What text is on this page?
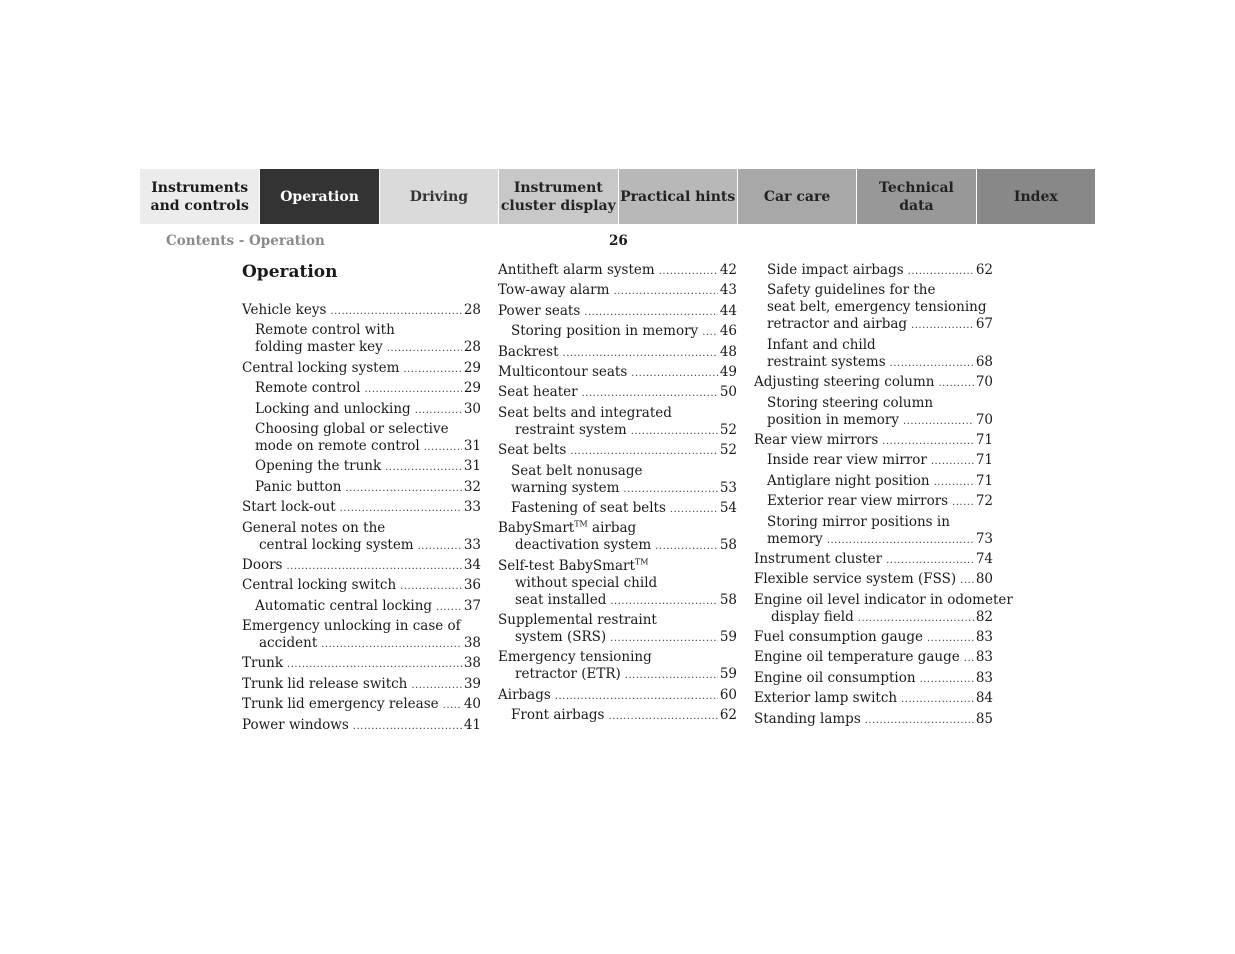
Instruments
and controls
Operation	Driving
Instrument
cluster display
Practical hints	Car care
Technical
data
Index
Contents - Operation	26
Operation
Vehicle keys .....	28
Remote control with
folding master key .....	28
Central locking system .....	29
Remote control .....	29
Locking and unlocking .....	30
Choosing global or selective
mode on remote control .....	31
Opening the trunk .....	31
Panic button .....	32
Start lock-out .....	33
General notes on the
central locking system .....	33
Doors .....	34
Central locking switch .....	36
Automatic central locking ..... 37
Emergency unlocking in case of
accident .....	38
Trunk .....	38
Trunk lid release switch .....	39
Trunk lid emergency release ..... 40
Power windows .....	41
Antitheft alarm system .....	42
Tow-away alarm .....	43
Power seats .....	44
Storing position in memory ..... 46
Backrest .....	48
Multicontour seats .....	49
Seat heater .....	50
Seat belts and integrated
restraint system .....	52
Seat belts .....	52
Seat belt nonusage
warning system .....	53
Fastening of seat belts .....	54
BabySmart™ airbag
deactivation system .....	58
Self-test BabySmart™
without special child
seat installed .....	58
Supplemental restraint
system (SRS) .....	59
Emergency tensioning
retractor (ETR) .....	59
Airbags .....	60
Front airbags .....	62
Side impact airbags .....	62
Safety guidelines for the
seat belt, emergency tensioning
retractor and airbag .....	67
Infant and child
restraint systems .....	68
Adjusting steering column .....	70
Storing steering column
position in memory .....	70
Rear view mirrors .....	71
Inside rear view mirror .....	71
Antiglare night position .....	71
Exterior rear view mirrors ..... 72
Storing mirror positions in
memory .....	73
Instrument cluster .....	74
Flexible service system (FSS) ..... 80
Engine oil level indicator in odometer
display field .....	82
Fuel consumption gauge .....	83
Engine oil temperature gauge ..... 83
Engine oil consumption .....	83
Exterior lamp switch .....	84
Standing lamps .....	85
